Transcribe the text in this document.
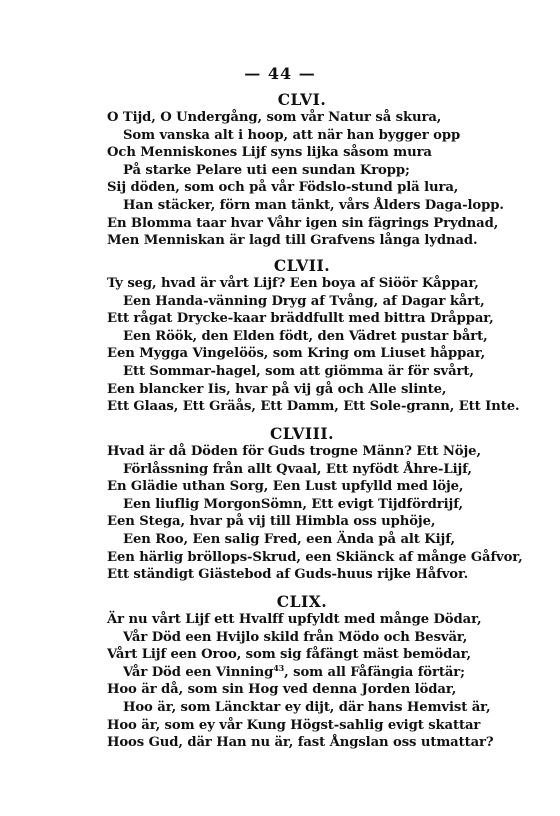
— 44 —
CLVI.
O Tijd, O Undergång, som vår Natur så skura,
Som vanska alt i hoop, att när han bygger opp
Och Menniskones Lijf syns lijka såsom mura
På starke Pelare uti een sundan Kropp;
Sij döden, som och på vår Födslo-stund plä lura,
Han stäcker, förn man tänkt, vårs Ålders Daga-lopp.
En Blomma taar hvar Våhr igen sin fägrings Prydnad,
Men Menniskan är lagd till Grafvens långa lydnad.
CLVII.
Ty seg, hvad är vårt Lijf? Een boya af Siöör Kåppar,
Een Handa-vänning Dryg af Tvång, af Dagar kårt,
Ett rågat Drycke-kaar bräddfullt med bittra Dråppar,
Een Röök, den Elden födt, den Vädret pustar bårt,
Een Mygga Vingelöös, som Kring om Liuset håppar,
Ett Sommar-hagel, som att giömma är för svårt,
Een blancker Iis, hvar på vij gå och Alle slinte,
Ett Glaas, Ett Gräås, Ett Damm, Ett Sole-grann, Ett Inte.
CLVIII.
Hvad är då Döden för Guds trogne Männ? Ett Nöje,
Förlåssning från allt Qvaal, Ett nyfödt Åhre-Lijf,
En Glädie uthan Sorg, Een Lust upfylld med löje,
Een liuflig MorgonSömn, Ett evigt Tijdfördrijf,
Een Stega, hvar på vij till Himbla oss uphöje,
Een Roo, Een salig Fred, een Ända på alt Kijf,
Een härlig bröllops-Skrud, een Skiänck af månge Gåfvor,
Ett ständigt Giästebod af Guds-huus rijke Håfvor.
CLIX.
Är nu vårt Lijf ett Hvalff upfyldt med månge Dödar,
Vår Död een Hvijlo skild från Mödo och Besvär,
Vårt Lijf een Oroo, som sig fåfängt mäst bemödar,
Vår Död een Vinning$^{43}$, som all Fåfängia förtär;
Hoo är då, som sin Hog ved denna Jorden lödar,
Hoo är, som Läncktar ey dijt, där hans Hemvist är,
Hoo är, som ey vår Kung Högst-sahlig evigt skattar
Hoos Gud, där Han nu är, fast Ångslan oss utmattar?
